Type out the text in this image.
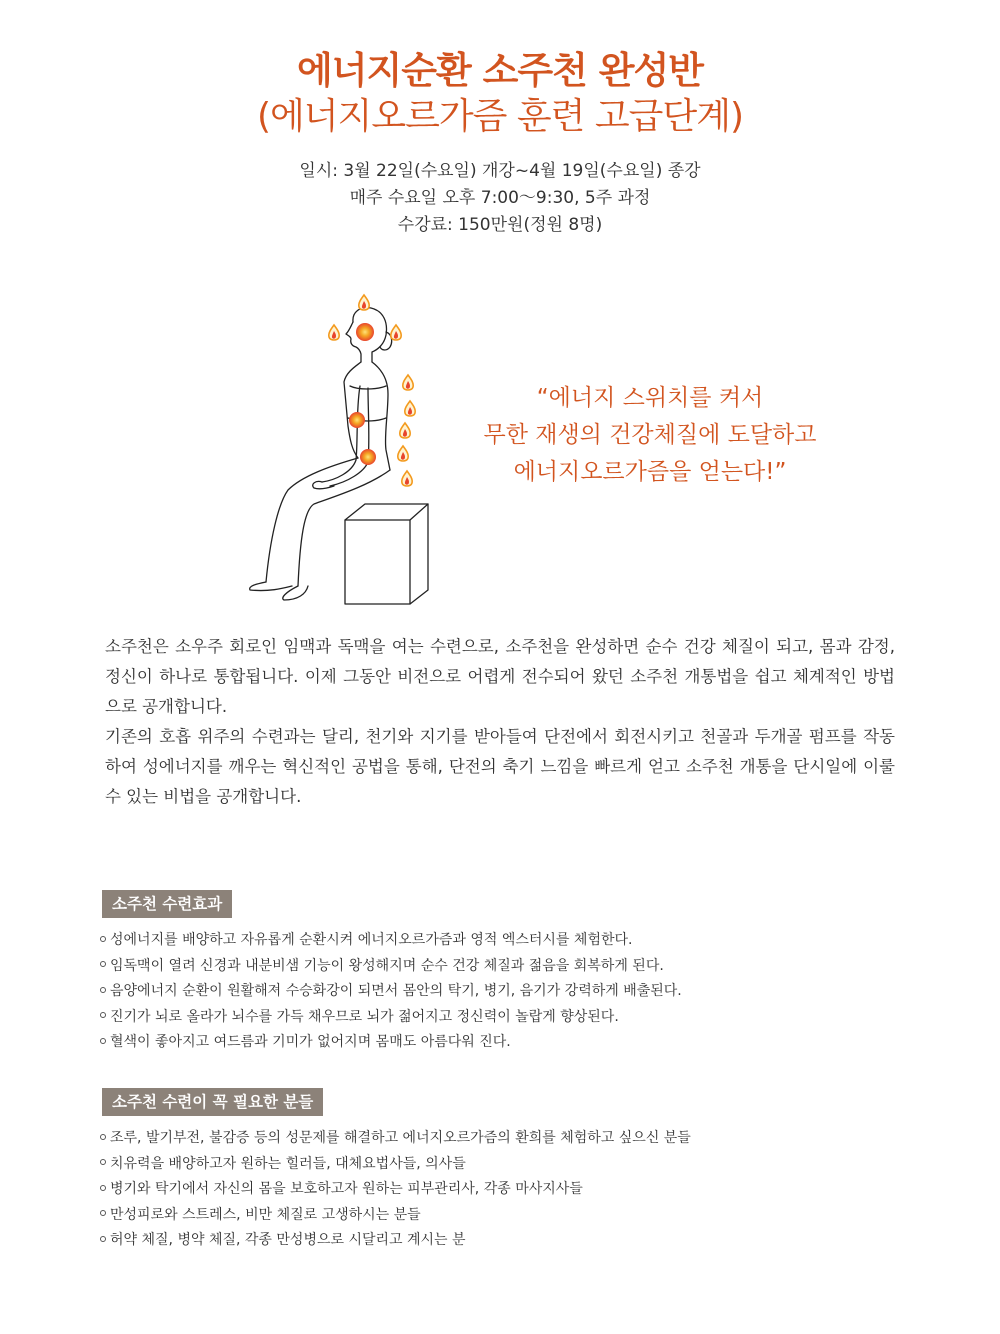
에너지순환 소주천 완성반
(에너지오르가즘 훈련 고급단계)
일시: 3월 22일(수요일) 개강~4월 19일(수요일) 종강
매주 수요일 오후 7:00～9:30, 5주 과정
수강료: 150만원(정원 8명)
“에너지 스위치를 켜서
무한 재생의 건강체질에 도달하고
에너지오르가즘을 얻는다!”

소주천은 소우주 회로인 임맥과 독맥을 여는 수련으로, 소주천을 완성하면 순수 건강 체질이 되고, 몸과 감정, 정신이 하나로 통합됩니다. 이제 그동안 비전으로 어렵게 전수되어 왔던 소주천 개통법을 쉽고 체계적인 방법으로 공개합니다.

기존의 호흡 위주의 수련과는 달리, 천기와 지기를 받아들여 단전에서 회전시키고 천골과 두개골 펌프를 작동하여 성에너지를 깨우는 혁신적인 공법을 통해, 단전의 축기 느낌을 빠르게 얻고 소주천 개통을 단시일에 이룰 수 있는 비법을 공개합니다.

소주천 수련효과
성에너지를 배양하고 자유롭게 순환시켜 에너지오르가즘과 영적 엑스터시를 체험한다.
임독맥이 열려 신경과 내분비샘 기능이 왕성해지며 순수 건강 체질과 젊음을 회복하게 된다.
음양에너지 순환이 원활해져 수승화강이 되면서 몸안의 탁기, 병기, 음기가 강력하게 배출된다.
진기가 뇌로 올라가 뇌수를 가득 채우므로 뇌가 젊어지고 정신력이 놀랍게 향상된다.
혈색이 좋아지고 여드름과 기미가 없어지며 몸매도 아름다워 진다.
소주천 수련이 꼭 필요한 분들
조루, 발기부전, 불감증 등의 성문제를 해결하고 에너지오르가즘의 환희를 체험하고 싶으신 분들
치유력을 배양하고자 원하는 힐러들, 대체요법사들, 의사들
병기와 탁기에서 자신의 몸을 보호하고자 원하는 피부관리사, 각종 마사지사들
만성피로와 스트레스, 비만 체질로 고생하시는 분들
허약 체질, 병약 체질, 각종 만성병으로 시달리고 계시는 분
